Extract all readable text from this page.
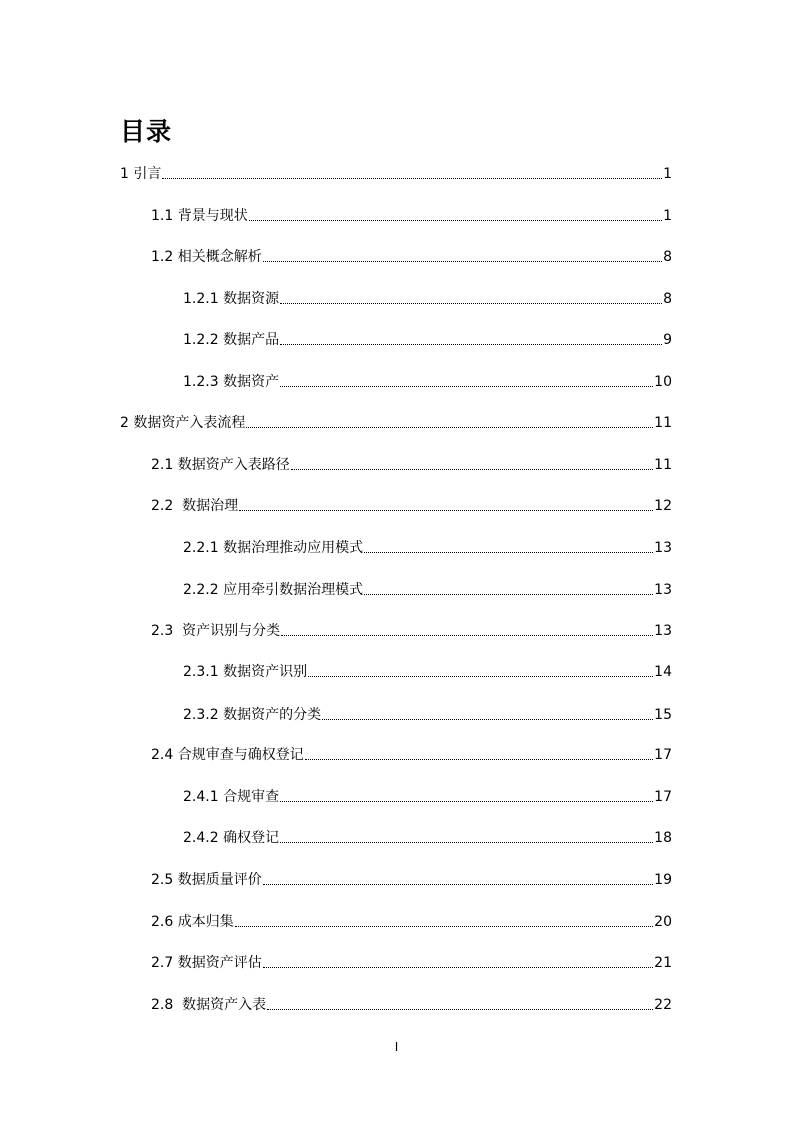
目录
1 引言	1
1.1 背景与现状	1
1.2 相关概念解析	8
1.2.1 数据资源	8
1.2.2 数据产品	9
1.2.3 数据资产	10
2 数据资产入表流程	11
2.1 数据资产入表路径	11
2.2 数据治理	12
2.2.1 数据治理推动应用模式	13
2.2.2 应用牵引数据治理模式	13
2.3 资产识别与分类	13
2.3.1 数据资产识别	14
2.3.2 数据资产的分类	15
2.4 合规审查与确权登记	17
2.4.1 合规审查	17
2.4.2 确权登记	18
2.5 数据质量评价	19
2.6 成本归集	20
2.7 数据资产评估	21
2.8 数据资产入表	22
I
